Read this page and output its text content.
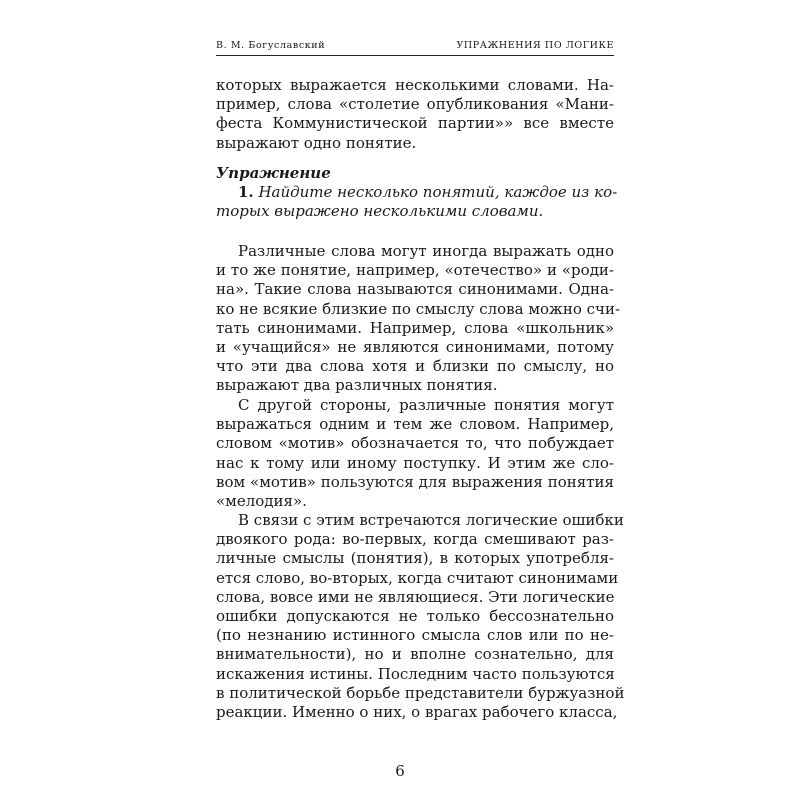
В. М. Богуславский	УПРАЖНЕНИЯ ПО ЛОГИКЕ
которых выражается несколькими словами. На-
пример, слова «столетие опубликования «Мани-
феста Коммунистической партии»» все вместе
выражают одно понятие.
Упражнение
1. Найдите несколько понятий, каждое из ко-
торых выражено несколькими словами.
Различные слова могут иногда выражать одно
и то же понятие, например, «отечество» и «роди-
на». Такие слова называются синонимами. Одна-
ко не всякие близкие по смыслу слова можно счи-
тать синонимами. Например, слова «школьник»
и «учащийся» не являются синонимами, потому
что эти два слова хотя и близки по смыслу, но
выражают два различных понятия.
С другой стороны, различные понятия могут
выражаться одним и тем же словом. Например,
словом «мотив» обозначается то, что побуждает
нас к тому или иному поступку. И этим же сло-
вом «мотив» пользуются для выражения понятия
«мелодия».
В связи с этим встречаются логические ошибки
двоякого рода: во-первых, когда смешивают раз-
личные смыслы (понятия), в которых употребля-
ется слово, во-вторых, когда считают синонимами
слова, вовсе ими не являющиеся. Эти логические
ошибки допускаются не только бессознательно
(по незнанию истинного смысла слов или по не-
внимательности), но и вполне сознательно, для
искажения истины. Последним часто пользуются
в политической борьбе представители буржуазной
реакции. Именно о них, о врагах рабочего класса,
6
